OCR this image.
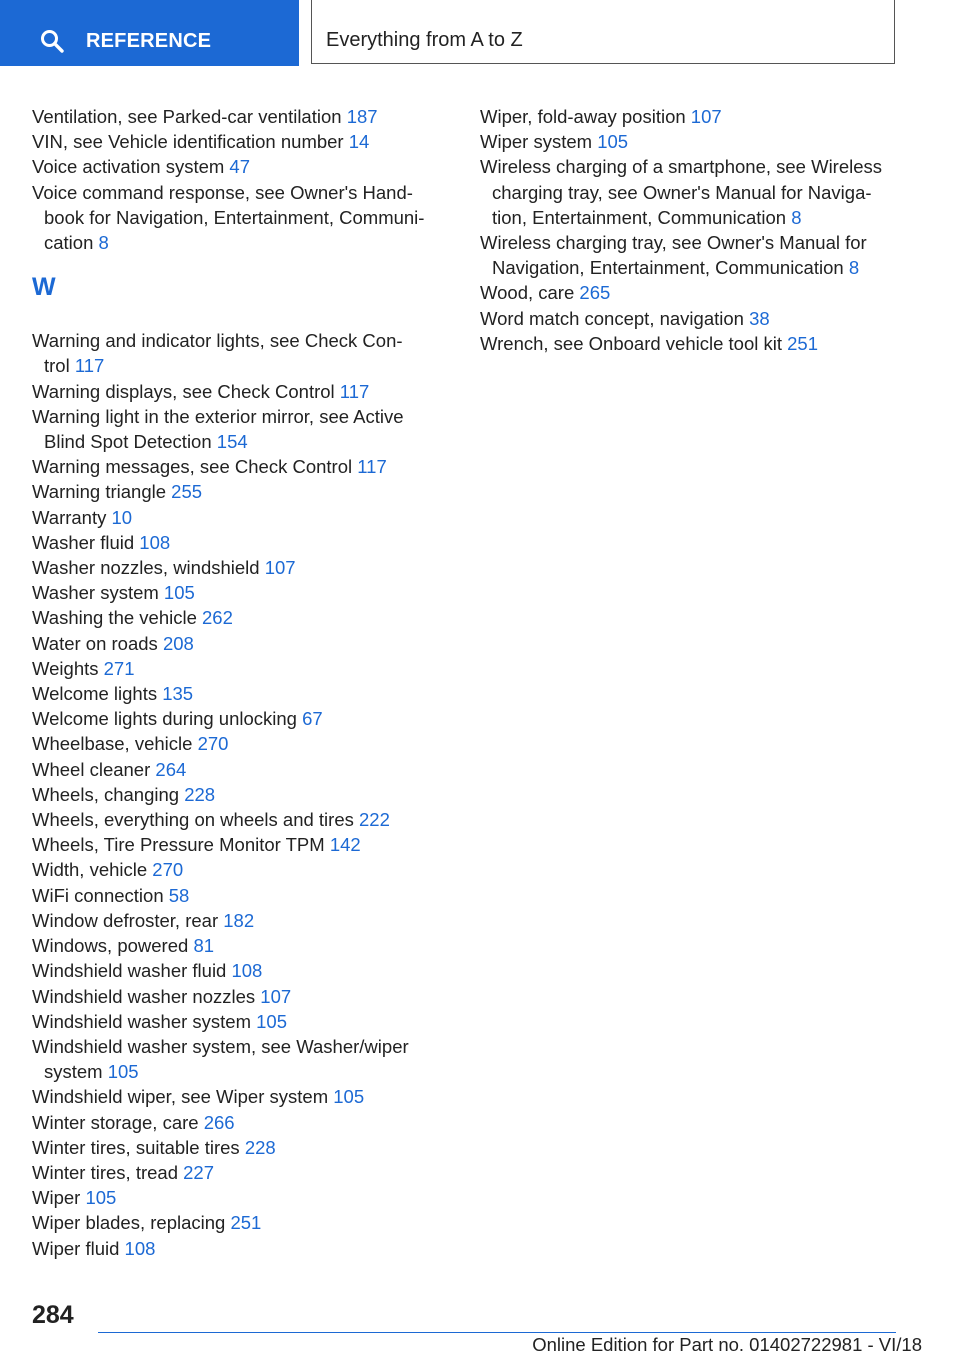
REFERENCE	Everything from A to Z
Ventilation, see Parked-car ventilation 187
VIN, see Vehicle identification number 14
Voice activation system 47
Voice command response, see Owner's Hand-
book for Navigation, Entertainment, Communi-
cation 8
W
Warning and indicator lights, see Check Con-
trol 117
Warning displays, see Check Control 117
Warning light in the exterior mirror, see Active
Blind Spot Detection 154
Warning messages, see Check Control 117
Warning triangle 255
Warranty 10
Washer fluid 108
Washer nozzles, windshield 107
Washer system 105
Washing the vehicle 262
Water on roads 208
Weights 271
Welcome lights 135
Welcome lights during unlocking 67
Wheelbase, vehicle 270
Wheel cleaner 264
Wheels, changing 228
Wheels, everything on wheels and tires 222
Wheels, Tire Pressure Monitor TPM 142
Width, vehicle 270
WiFi connection 58
Window defroster, rear 182
Windows, powered 81
Windshield washer fluid 108
Windshield washer nozzles 107
Windshield washer system 105
Windshield washer system, see Washer/wiper
system 105
Windshield wiper, see Wiper system 105
Winter storage, care 266
Winter tires, suitable tires 228
Winter tires, tread 227
Wiper 105
Wiper blades, replacing 251
Wiper fluid 108
Wiper, fold-away position 107
Wiper system 105
Wireless charging of a smartphone, see Wireless
charging tray, see Owner's Manual for Naviga-
tion, Entertainment, Communication 8
Wireless charging tray, see Owner's Manual for
Navigation, Entertainment, Communication 8
Wood, care 265
Word match concept, navigation 38
Wrench, see Onboard vehicle tool kit 251
284
Online Edition for Part no. 01402722981 - VI/18
